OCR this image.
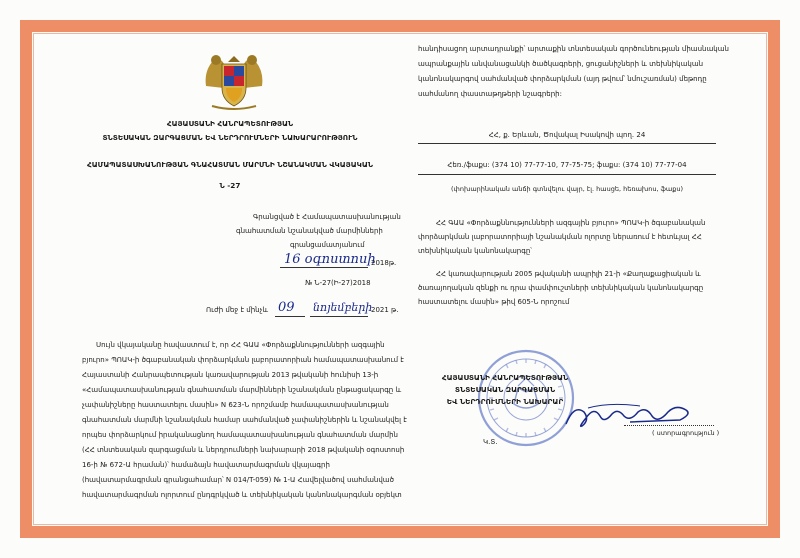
ՀԱՅԱՍՏԱՆԻ ՀԱՆՐԱՊԵՏՈՒԹՅԱՆ
ՏՆՏԵՍԱԿԱՆ ԶԱՐԳԱՑՄԱՆ ԵՎ ՆԵՐԴՐՈՒՄՆԵՐԻ ՆԱԽԱՐԱՐՈՒԹՅՈՒՆ
ՀԱՄԱՊԱՏԱՍԽԱՆՈՒԹՅԱՆ ԳՆԱՀԱՏՄԱՆ ՄԱՐՄՆԻ ՆՇԱՆԱԿՄԱՆ ՎԿԱՅԱԿԱՆ
Ն -27
Գրանցված է Համապատասխանության
գնահատման նշանակված մարմինների
գրանցամատյանում
16 օգոստոսի
2018թ.
№ Ն-27(Ի-27)2018
Ուժի մեջ է մինչև 09 նոյեմբերի
2021 թ.
Սույն վկայականը հավաստում է, որ ՀՀ ԳԱԱ «Փորձաքննությունների ազգային
բյուրո» ՊՈԱԿ-ի ծգաբանական փորձարկման լաբորատորիան համապատասխանում է
Հայաստանի Հանրապետության կառավարության 2013 թվականի հունիսի 13-ի
«Համապատասխանության գնահատման մարմինների նշանակման ընթացակարգը և
չափանիշները հաստատելու մասին» N 623-Ն որոշմամբ համապատասխանության
գնահատման մարմնի նշանակման համար սահմանված չափանիշներին և նշանակվել է
որպես փորձարկում իրականացնող համապատասխանության գնահատման մարմին
(ՀՀ տնտեսական զարգացման և ներդրումների նախարարի 2018 թվականի օգոստոսի
16-ի № 672-Ա հրաման)՝ համաձայն հավատարմագրման վկայագրի
(հավատարմագրման գրանցահամար՝ N 014/T-059) № 1-Ա Հավելվածով սահմանված
հավատարմագրման ոլորտում ընդգրկված և տեխնիկական կանոնակարգման օբյեկտ
հանդիսացող արտադրանքի՝ արտաքին տնտեսական գործունեության միասնական
ապրանքային անվանացանկի ծածկագրերի, ցուցանիշների և տեխնիկական
կանոնակարգով սահմանված փորձարկման (այդ թվում՝ նմուշառման) մեթոդը
սահմանող փաստաթղթերի նշագրերի:
ՀՀ, ք. Երևան, Ծովակալ Իսակովի պող. 24
Հեռ./ֆաքս: (374 10) 77-77-10, 77-75-75; ֆաքս: (374 10) 77-77-04
(փոխարինական անճի գտնվելու վայր, էլ. հասցե, հեռախոս, ֆաքս)
ՀՀ ԳԱԱ «Փորձաքննությունների ազգային բյուրո» ՊՈԱԿ-ի ծգաբանական
փորձարկման լաբորատորիայի նշանակման ոլորտը ներառում է հետևյալ ՀՀ
տեխնիկական կանոնակարգը՝
ՀՀ կառավարության 2005 թվականի ապրիլի 21-ի «Քաղաքացիական և
ծառայողական զենքի ու դրա փամփուշտների տեխնիկական կանոնակարգը
հաստատելու մասին» թիվ 605-Ն որոշում
ՀԱՅԱՍՏԱՆԻ ՀԱՆՐԱՊԵՏՈՒԹՅԱՆ
ՏՆՏԵՍԱԿԱՆ ԶԱՐԳԱՑՄԱՆ
ԵՎ ՆԵՐԴՐՈՒՄՆԵՐԻ ՆԱԽԱՐԱՐ
( ստորագրություն )
Կ.Տ.
